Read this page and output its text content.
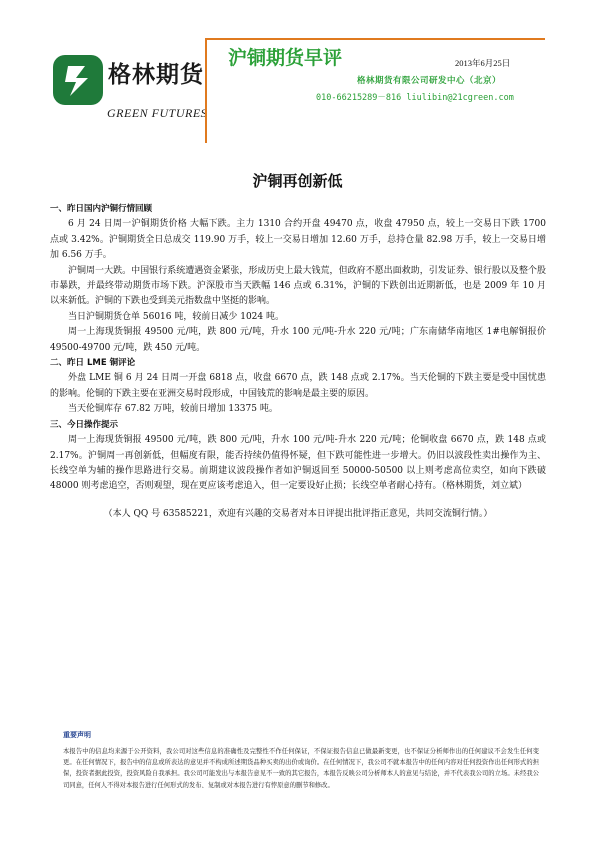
格林期货
GREEN FUTURES
沪铜期货早评	2013年6月25日
格林期货有限公司研发中心（北京）
010-66215289－816 liulibin@21cgreen.com
沪铜再创新低

一、昨日国内沪铜行情回顾

6 月 24 日周一沪铜期货价格 大幅下跌。主力 1310 合约开盘 49470 点，收盘 47950 点，较上一交易日下跌 1700 点或 3.42%。沪铜期货全日总成交 119.90 万手，较上一交易日增加 12.60 万手，总持仓量 82.98 万手，较上一交易日增加 6.56 万手。

沪铜周一大跌。中国银行系统遭遇资金紧张，形成历史上最大钱荒，但政府不愿出面救助，引发证券、银行股以及整个股市暴跌，并最终带动期货市场下跌。沪深股市当天跌幅 146 点或 6.31%，沪铜的下跌创出近期新低，也是 2009 年 10 月以来新低。沪铜的下跌也受到美元指数盘中坚挺的影响。

当日沪铜期货仓单 56016 吨，较前日减少 1024 吨。

周一上海现货铜报 49500 元/吨，跌 800 元/吨，升水 100 元/吨-升水 220 元/吨；广东南储华南地区 1#电解铜报价 49500-49700 元/吨，跌 450 元/吨。

二、昨日 LME 铜评论

外盘 LME 铜 6 月 24 日周一开盘 6818 点，收盘 6670 点，跌 148 点或 2.17%。当天伦铜的下跌主要是受中国忧患的影响。伦铜的下跌主要在亚洲交易时段形成，中国钱荒的影响是最主要的原因。

当天伦铜库存 67.82 万吨，较前日增加 13375 吨。

三、今日操作提示

周一上海现货铜报 49500 元/吨，跌 800 元/吨，升水 100 元/吨-升水 220 元/吨；伦铜收盘 6670 点，跌 148 点或 2.17%。沪铜周一再创新低，但幅度有限，能否持续仍值得怀疑，但下跌可能性进一步增大。仍旧以波段性卖出操作为主、长线空单为辅的操作思路进行交易。前期建议波段操作者如沪铜返回至 50000-50500 以上则考虑高位卖空，如向下跌破 48000 则考虑追空，否则观望，现在更应该考虑追入，但一定要设好止损；长线空单者耐心持有。（格林期货，刘立斌）

（本人 QQ 号 63585221，欢迎有兴趣的交易者对本日评提出批评指正意见，共同交流铜行情。）

重要声明
本报告中的信息均来源于公开资料，我公司对这些信息的准确性及完整性不作任何保证，不保证报告信息已做最新变更，也不保证分析师作出的任何建议不会发生任何变更。在任何情况下，报告中的信息或所表达的意见并不构成所述期货品种买卖的出价或询价。在任何情况下，我公司不就本报告中的任何内容对任何投资作出任何形式的担保，投资者据此投资，投资风险自我承担。我公司可能发出与本报告意见不一致的其它报告，本报告反映公司分析师本人的意见与结论，并不代表我公司的立场。未经我公司同意，任何人不得对本报告进行任何形式的发布、复制或对本报告进行有悖原意的删节和修改。
